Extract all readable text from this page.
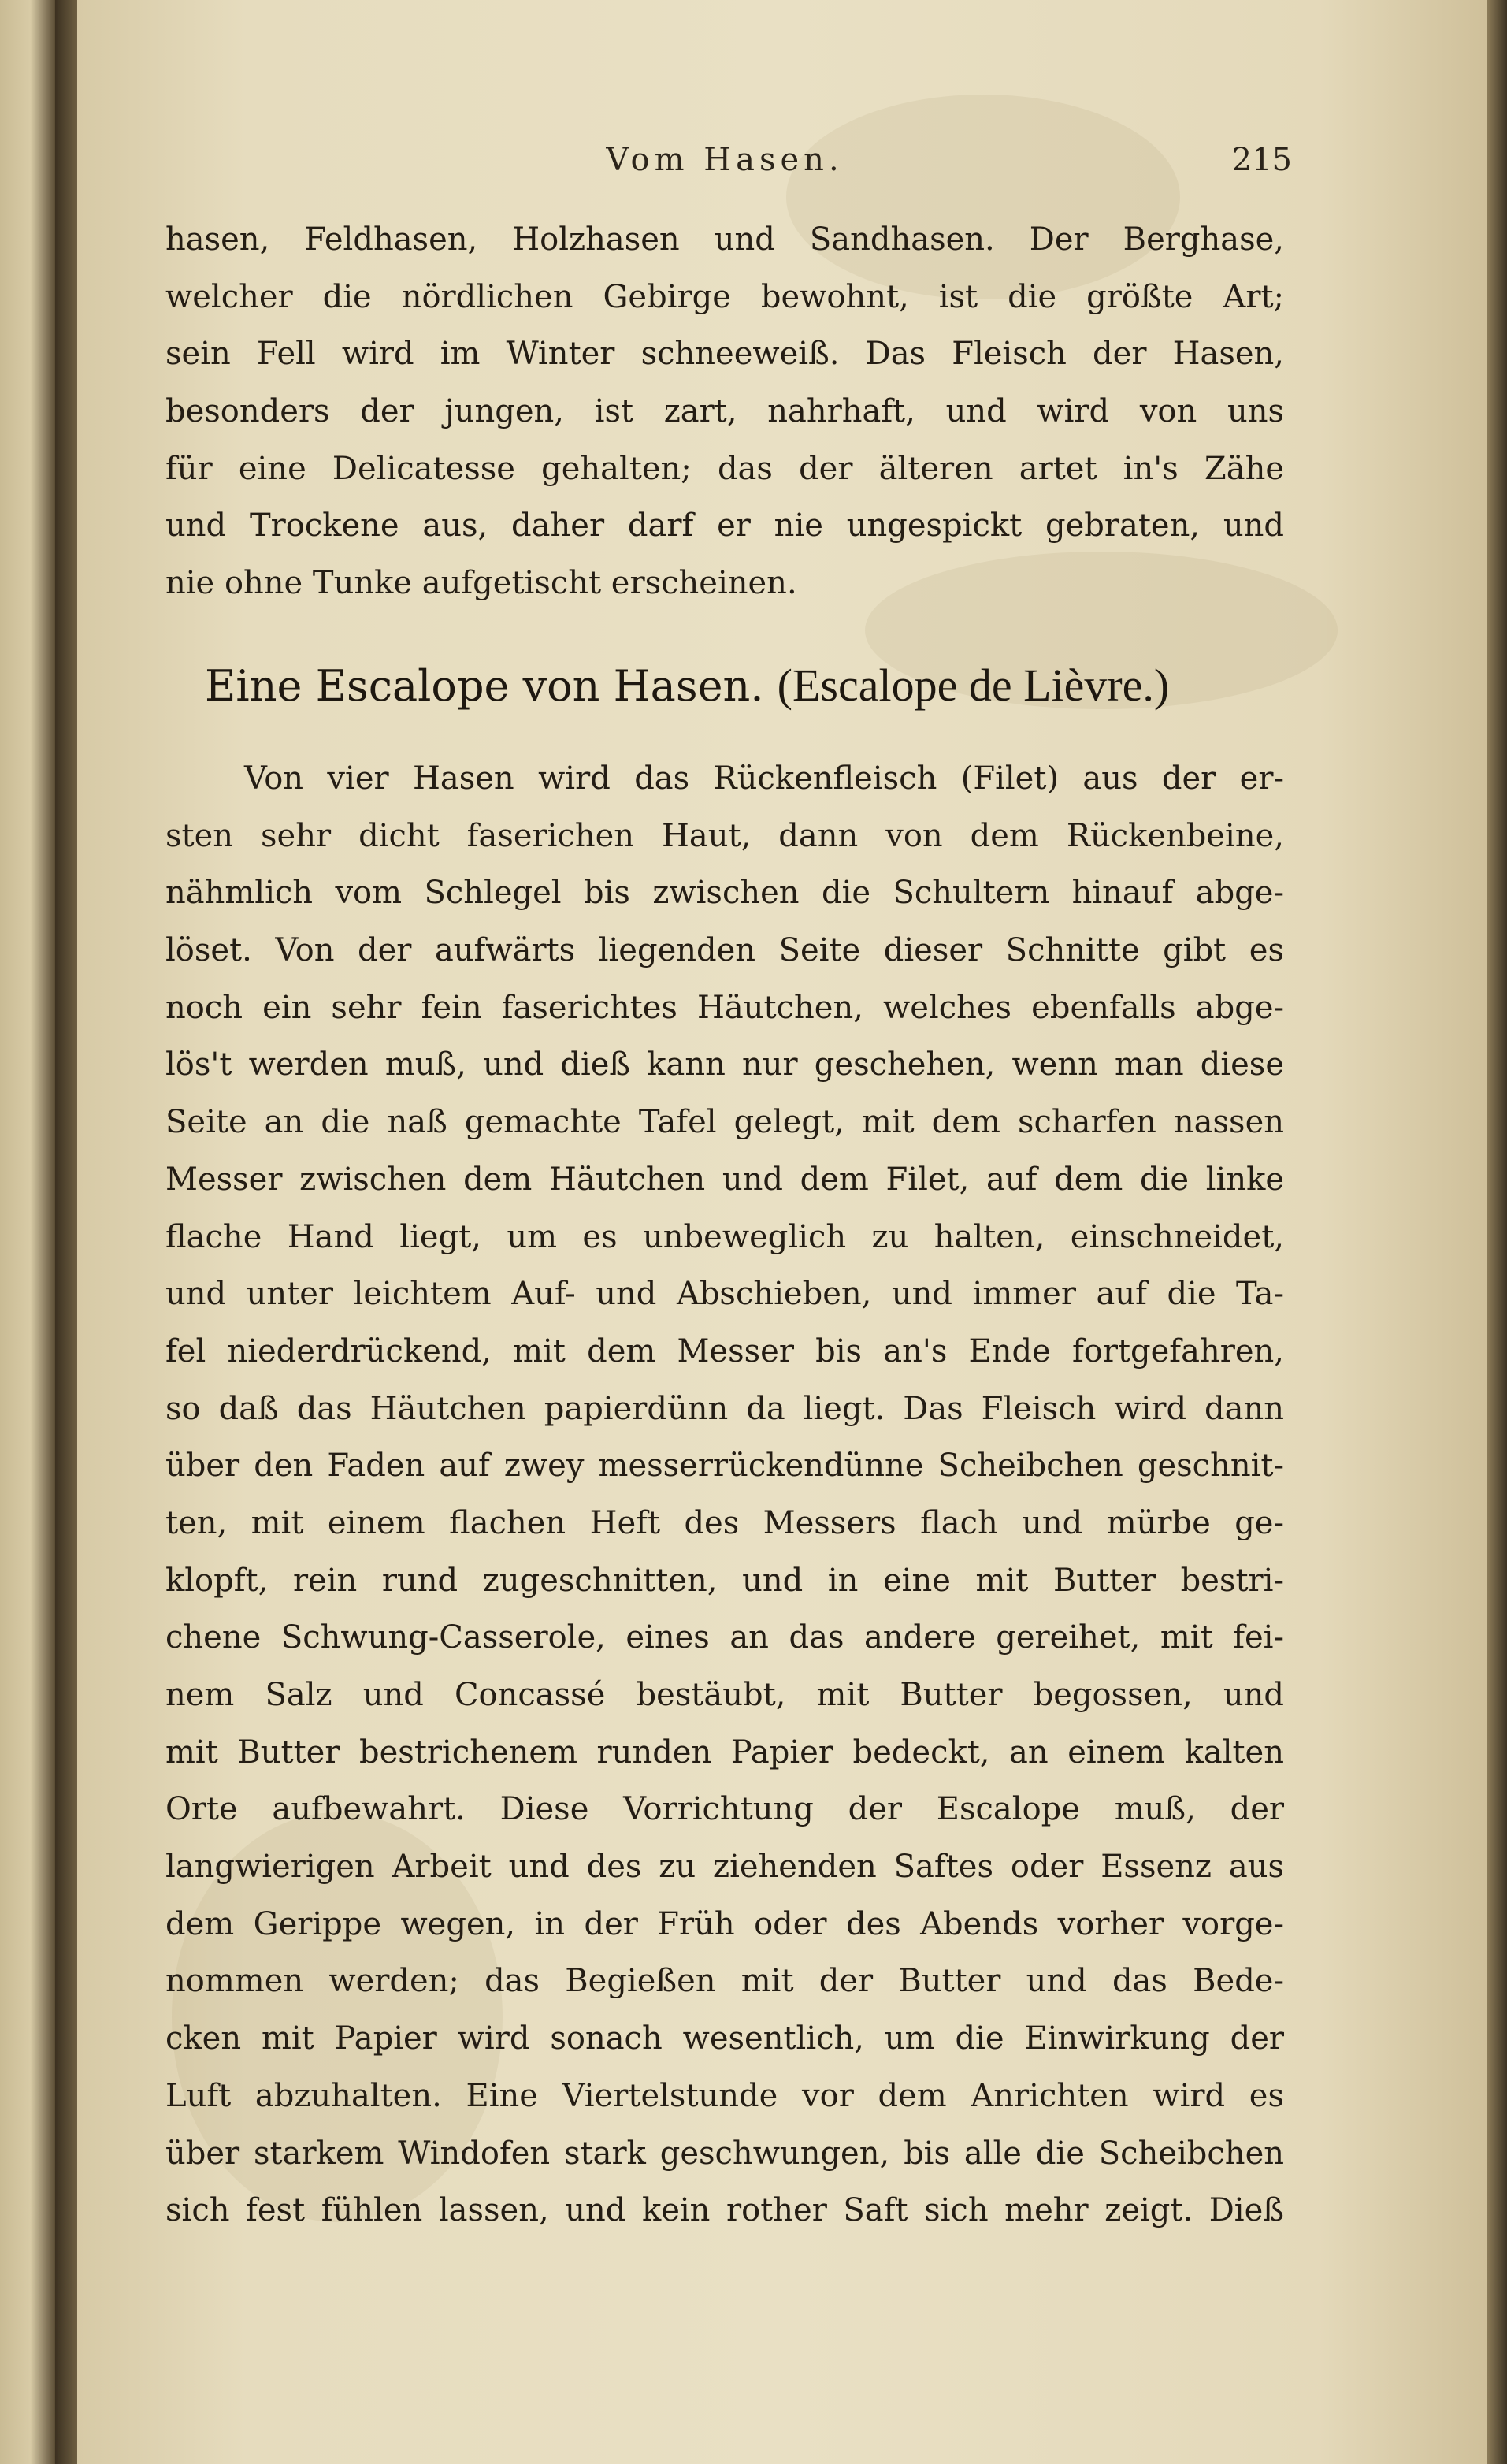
Vom Hasen.	215
hasen, Feldhasen, Holzhasen und Sandhasen. Der Berghase,
welcher die nördlichen Gebirge bewohnt, ist die größte Art;
sein Fell wird im Winter schneeweiß. Das Fleisch der Hasen,
besonders der jungen, ist zart, nahrhaft, und wird von uns
für eine Delicatesse gehalten; das der älteren artet in's Zähe
und Trockene aus, daher darf er nie ungespickt gebraten, und
nie ohne Tunke aufgetischt erscheinen.
Eine Escalope von Hasen. (Escalope de Lièvre.)
Von vier Hasen wird das Rückenfleisch (Filet) aus der er-
sten sehr dicht faserichen Haut, dann von dem Rückenbeine,
nähmlich vom Schlegel bis zwischen die Schultern hinauf abge-
löset. Von der aufwärts liegenden Seite dieser Schnitte gibt es
noch ein sehr fein faserichtes Häutchen, welches ebenfalls abge-
lös't werden muß, und dieß kann nur geschehen, wenn man diese
Seite an die naß gemachte Tafel gelegt, mit dem scharfen nassen
Messer zwischen dem Häutchen und dem Filet, auf dem die linke
flache Hand liegt, um es unbeweglich zu halten, einschneidet,
und unter leichtem Auf- und Abschieben, und immer auf die Ta-
fel niederdrückend, mit dem Messer bis an's Ende fortgefahren,
so daß das Häutchen papierdünn da liegt. Das Fleisch wird dann
über den Faden auf zwey messerrückendünne Scheibchen geschnit-
ten, mit einem flachen Heft des Messers flach und mürbe ge-
klopft, rein rund zugeschnitten, und in eine mit Butter bestri-
chene Schwung-Casserole, eines an das andere gereihet, mit fei-
nem Salz und Concassé bestäubt, mit Butter begossen, und
mit Butter bestrichenem runden Papier bedeckt, an einem kalten
Orte aufbewahrt. Diese Vorrichtung der Escalope muß, der
langwierigen Arbeit und des zu ziehenden Saftes oder Essenz aus
dem Gerippe wegen, in der Früh oder des Abends vorher vorge-
nommen werden; das Begießen mit der Butter und das Bede-
cken mit Papier wird sonach wesentlich, um die Einwirkung der
Luft abzuhalten. Eine Viertelstunde vor dem Anrichten wird es
über starkem Windofen stark geschwungen, bis alle die Scheibchen
sich fest fühlen lassen, und kein rother Saft sich mehr zeigt. Dieß
